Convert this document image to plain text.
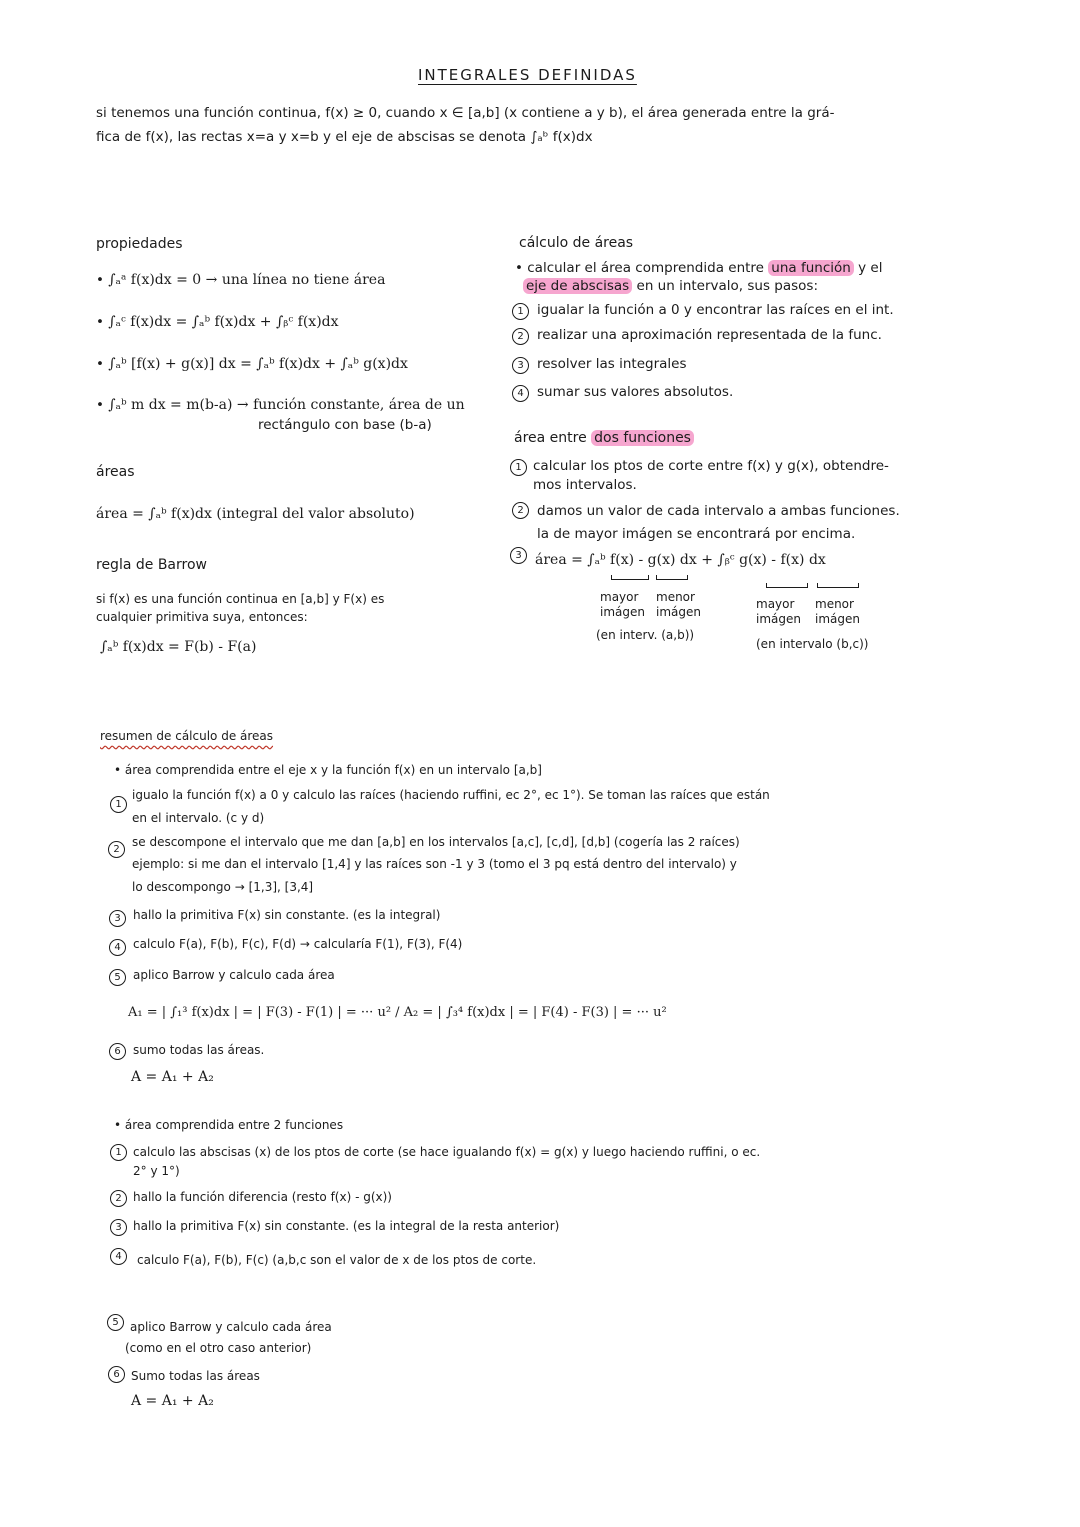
INTEGRALES DEFINIDAS
si tenemos una función continua, f(x) ≥ 0, cuando x ∈ [a,b] (x contiene a y b), el área generada entre la grá-
fica de f(x), las rectas x=a y x=b y el eje de abscisas se denota ∫ₐᵇ f(x)dx
propiedades
• ∫ₐᵃ f(x)dx = 0 → una línea no tiene área
• ∫ₐᶜ f(x)dx = ∫ₐᵇ f(x)dx + ∫ᵦᶜ f(x)dx
• ∫ₐᵇ [f(x) + g(x)] dx = ∫ₐᵇ f(x)dx + ∫ₐᵇ g(x)dx
• ∫ₐᵇ m dx = m(b-a) → función constante, área de un
rectángulo con base (b-a)
áreas
área = ∫ₐᵇ f(x)dx (integral del valor absoluto)
regla de Barrow
si f(x) es una función continua en [a,b] y F(x) es
cualquier primitiva suya, entonces:
∫ₐᵇ f(x)dx = F(b) - F(a)
cálculo de áreas
• calcular el área comprendida entre una función y el
eje de abscisas en un intervalo, sus pasos:
1 igualar la función a 0 y encontrar las raíces en el int.
2 realizar una aproximación representada de la func.
3 resolver las integrales
4 sumar sus valores absolutos.
área entre dos funciones
1 calcular los ptos de corte entre f(x) y g(x), obtendre-
mos intervalos.
2 damos un valor de cada intervalo a ambas funciones.
la de mayor imágen se encontrará por encima.
3 área = ∫ₐᵇ f(x) - g(x) dx + ∫ᵦᶜ g(x) - f(x) dx
mayor imágen
menor imágen
(en interv. (a,b))
mayor imágen
menor imágen
(en intervalo (b,c))
resumen de cálculo de áreas
• área comprendida entre el eje x y la función f(x) en un intervalo [a,b]
1
igualo la función f(x) a 0 y calculo las raíces (haciendo ruffini, ec 2°, ec 1°). Se toman las raíces que están
en el intervalo. (c y d)
2
se descompone el intervalo que me dan [a,b] en los intervalos [a,c], [c,d], [d,b] (cogería las 2 raíces)
ejemplo: si me dan el intervalo [1,4] y las raíces son -1 y 3 (tomo el 3 pq está dentro del intervalo) y
lo descompongo → [1,3], [3,4]
3	hallo la primitiva F(x) sin constante. (es la integral)
4	calculo F(a), F(b), F(c), F(d) → calcularía F(1), F(3), F(4)
5	aplico Barrow y calculo cada área
A₁ = | ∫₁³ f(x)dx | = | F(3) - F(1) | = ··· u² / A₂ = | ∫₃⁴ f(x)dx | = | F(4) - F(3) | = ··· u²
6	sumo todas las áreas.
A = A₁ + A₂
• área comprendida entre 2 funciones
1 calculo las abscisas (x) de los ptos de corte (se hace igualando f(x) = g(x) y luego haciendo ruffini, o ec.
2° y 1°)
2 hallo la función diferencia (resto f(x) - g(x))
3 hallo la primitiva F(x) sin constante. (es la integral de la resta anterior)
4	calculo F(a), F(b), F(c) (a,b,c son el valor de x de los ptos de corte.
5 aplico Barrow y calculo cada área
(como en el otro caso anterior)
6 Sumo todas las áreas
A = A₁ + A₂
